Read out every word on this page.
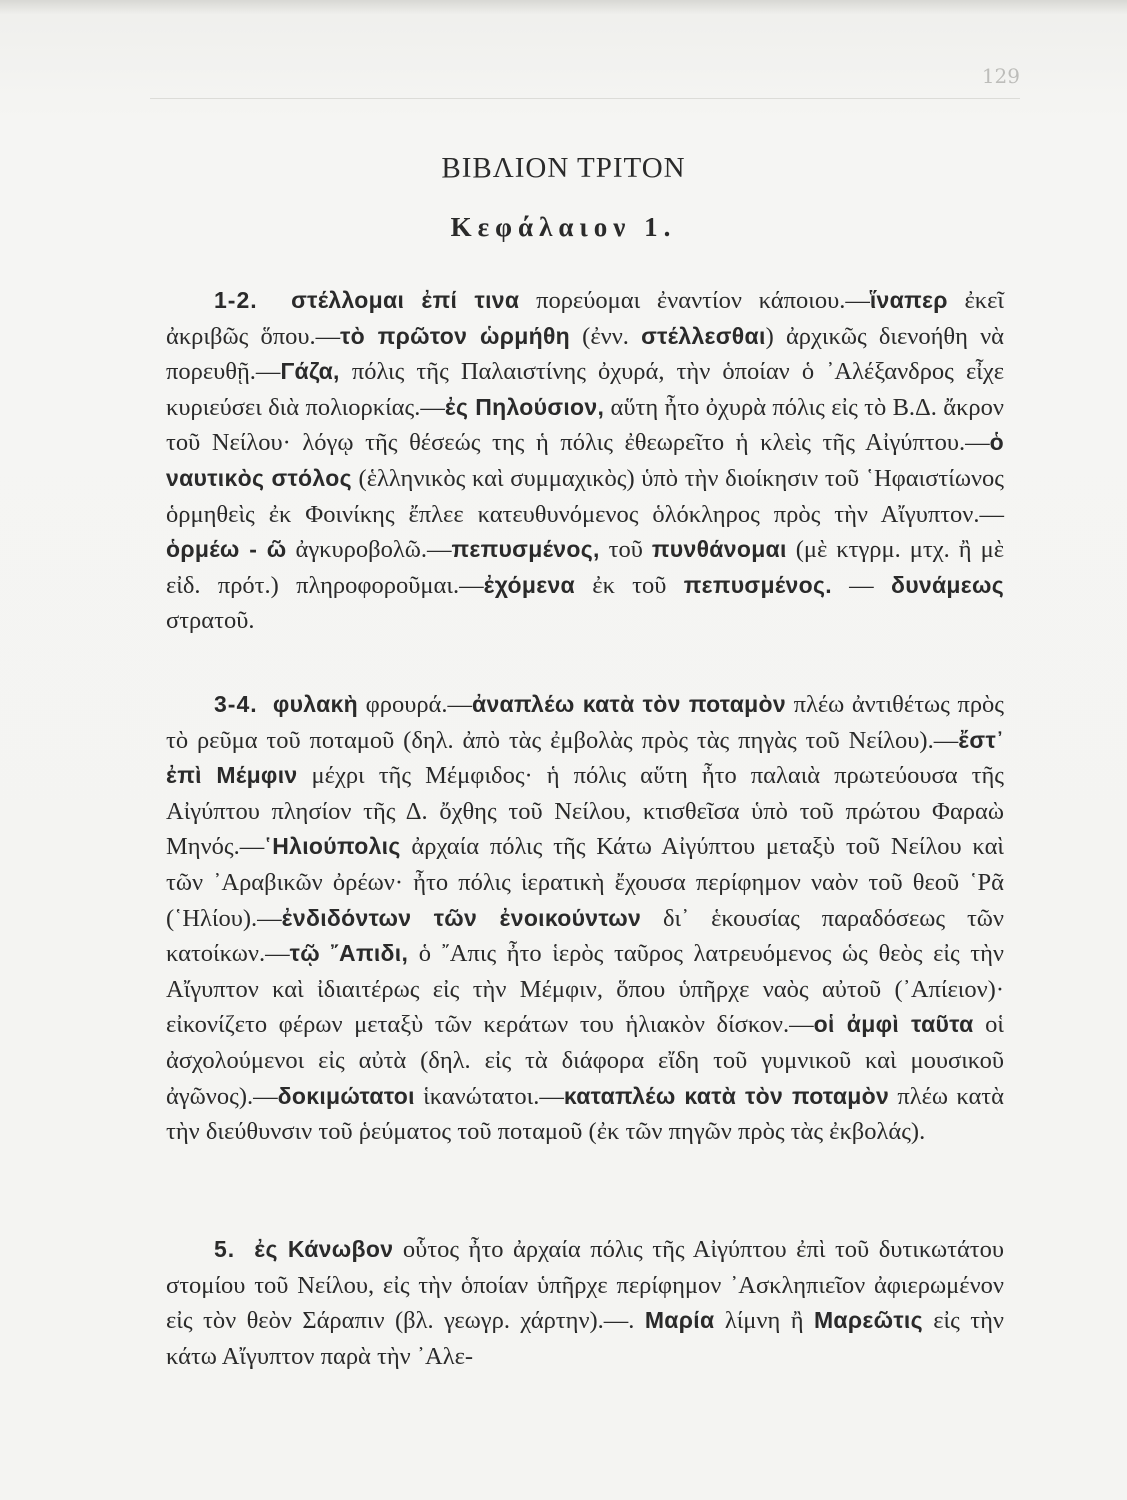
129
ΒΙΒΛΙΟΝ ΤΡΙΤΟΝ
Κεφάλαιον 1.

1-2. στέλλομαι ἐπί τινα πορεύομαι ἐναντίον κάποιου.—ἵναπερ ἐκεῖ ἀκριβῶς ὅπου.—τὸ πρῶτον ὡρμήθη (ἐνν. στέλλεσθαι) ἀρχικῶς διενοήθη νὰ πορευθῇ.—Γάζα, πόλις τῆς Παλαιστίνης ὀχυρά, τὴν ὁποίαν ὁ ᾿Αλέξανδρος εἶχε κυριεύσει διὰ πολιορκίας.—ἐς Πηλούσιον, αὕτη ἦτο ὀχυρὰ πόλις εἰς τὸ Β.Δ. ἄκρον τοῦ Νείλου· λόγῳ τῆς θέσεώς της ἡ πόλις ἐθεωρεῖτο ἡ κλεὶς τῆς Αἰγύπτου.—ὁ ναυτικὸς στόλος (ἑλληνικὸς καὶ συμμαχικὸς) ὑπὸ τὴν διοίκησιν τοῦ ῾Ηφαιστίωνος ὁρμηθεὶς ἐκ Φοινίκης ἔπλεε κατευθυνόμενος ὁλόκληρος πρὸς τὴν Αἴγυπτον.—ὁρμέω - ῶ ἀγκυροβολῶ.—πεπυσμένος, τοῦ πυνθάνομαι (μὲ κτγρμ. μτχ. ἢ μὲ εἰδ. πρότ.) πληροφοροῦμαι.—ἐχόμενα ἐκ τοῦ πεπυσμένος. — δυνάμεως στρατοῦ.

3-4. φυλακὴ φρουρά.—ἀναπλέω κατὰ τὸν ποταμὸν πλέω ἀντιθέτως πρὸς τὸ ρεῦμα τοῦ ποταμοῦ (δηλ. ἀπὸ τὰς ἐμβολὰς πρὸς τὰς πηγὰς τοῦ Νείλου).—ἔστ᾿ ἐπὶ Μέμφιν μέχρι τῆς Μέμφιδος· ἡ πόλις αὕτη ἦτο παλαιὰ πρωτεύουσα τῆς Αἰγύπτου πλησίον τῆς Δ. ὄχθης τοῦ Νείλου, κτισθεῖσα ὑπὸ τοῦ πρώτου Φαραὼ Μηνός.—῾Ηλιούπολις ἀρχαία πόλις τῆς Κάτω Αἰγύπτου μεταξὺ τοῦ Νείλου καὶ τῶν ᾿Αραβικῶν ὀρέων· ἦτο πόλις ἱερατικὴ ἔχουσα περίφημον ναὸν τοῦ θεοῦ ῾Ρᾶ (῾Ηλίου).—ἐνδιδόντων τῶν ἐνοικούντων δι᾿ ἑκουσίας παραδόσεως τῶν κατοίκων.—τῷ ῎Απιδι, ὁ ῎Απις ἦτο ἱερὸς ταῦρος λατρευόμενος ὡς θεὸς εἰς τὴν Αἴγυπτον καὶ ἰδιαιτέρως εἰς τὴν Μέμφιν, ὅπου ὑπῆρχε ναὸς αὐτοῦ (᾿Απίειον)· εἰκονίζετο φέρων μεταξὺ τῶν κεράτων του ἡλιακὸν δίσκον.—οἱ ἀμφὶ ταῦτα οἱ ἀσχολούμενοι εἰς αὐτὰ (δηλ. εἰς τὰ διάφορα εἴδη τοῦ γυμνικοῦ καὶ μουσικοῦ ἀγῶνος).—δοκιμώτατοι ἱκανώτατοι.—καταπλέω κατὰ τὸν ποταμὸν πλέω κατὰ τὴν διεύθυνσιν τοῦ ῥεύματος τοῦ ποταμοῦ (ἐκ τῶν πηγῶν πρὸς τὰς ἐκβολάς).

5. ἐς Κάνωβον οὗτος ἦτο ἀρχαία πόλις τῆς Αἰγύπτου ἐπὶ τοῦ δυτικωτάτου στομίου τοῦ Νείλου, εἰς τὴν ὁποίαν ὑπῆρχε περίφημον ᾿Ασκληπιεῖον ἀφιερωμένον εἰς τὸν θεὸν Σάραπιν (βλ. γεωγρ. χάρτην).—. Μαρία λίμνη ἢ Μαρεῶτις εἰς τὴν κάτω Αἴγυπτον παρὰ τὴν ᾿Αλε-
